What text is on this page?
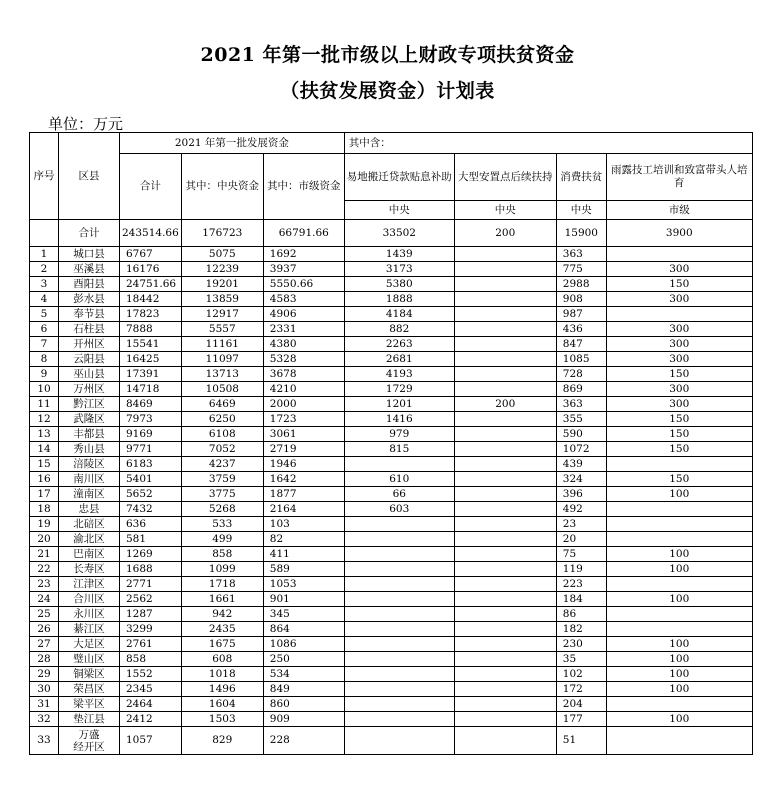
2021 年第一批市级以上财政专项扶贫资金
（扶贫发展资金）计划表
单位：万元
序号	区县	2021 年第一批发展资金			其中含：			
		合计	其中：中央资金	其中：市级资金	易地搬迁贷款贴息补助	大型安置点后续扶持	消费扶贫	雨露技工培训和致富带头人培育
					中央	中央	中央	市级
	合计	243514.66	176723	66791.66	33502	200	15900	3900
1	城口县	6767	5075	1692	1439		363	
2	巫溪县	16176	12239	3937	3173		775	300
3	酉阳县	24751.66	19201	5550.66	5380		2988	150
4	彭水县	18442	13859	4583	1888		908	300
5	奉节县	17823	12917	4906	4184		987	
6	石柱县	7888	5557	2331	882		436	300
7	开州区	15541	11161	4380	2263		847	300
8	云阳县	16425	11097	5328	2681		1085	300
9	巫山县	17391	13713	3678	4193		728	150
10	万州区	14718	10508	4210	1729		869	300
11	黔江区	8469	6469	2000	1201	200	363	300
12	武隆区	7973	6250	1723	1416		355	150
13	丰都县	9169	6108	3061	979		590	150
14	秀山县	9771	7052	2719	815		1072	150
15	涪陵区	6183	4237	1946			439	
16	南川区	5401	3759	1642	610		324	150
17	潼南区	5652	3775	1877	66		396	100
18	忠县	7432	5268	2164	603		492	
19	北碚区	636	533	103			23	
20	渝北区	581	499	82			20	
21	巴南区	1269	858	411			75	100
22	长寿区	1688	1099	589			119	100
23	江津区	2771	1718	1053			223	
24	合川区	2562	1661	901			184	100
25	永川区	1287	942	345			86	
26	綦江区	3299	2435	864			182	
27	大足区	2761	1675	1086			230	100
28	璧山区	858	608	250			35	100
29	铜梁区	1552	1018	534			102	100
30	荣昌区	2345	1496	849			172	100
31	梁平区	2464	1604	860			204	
32	垫江县	2412	1503	909			177	100
33	万盛
经开区	1057	829	228			51	
